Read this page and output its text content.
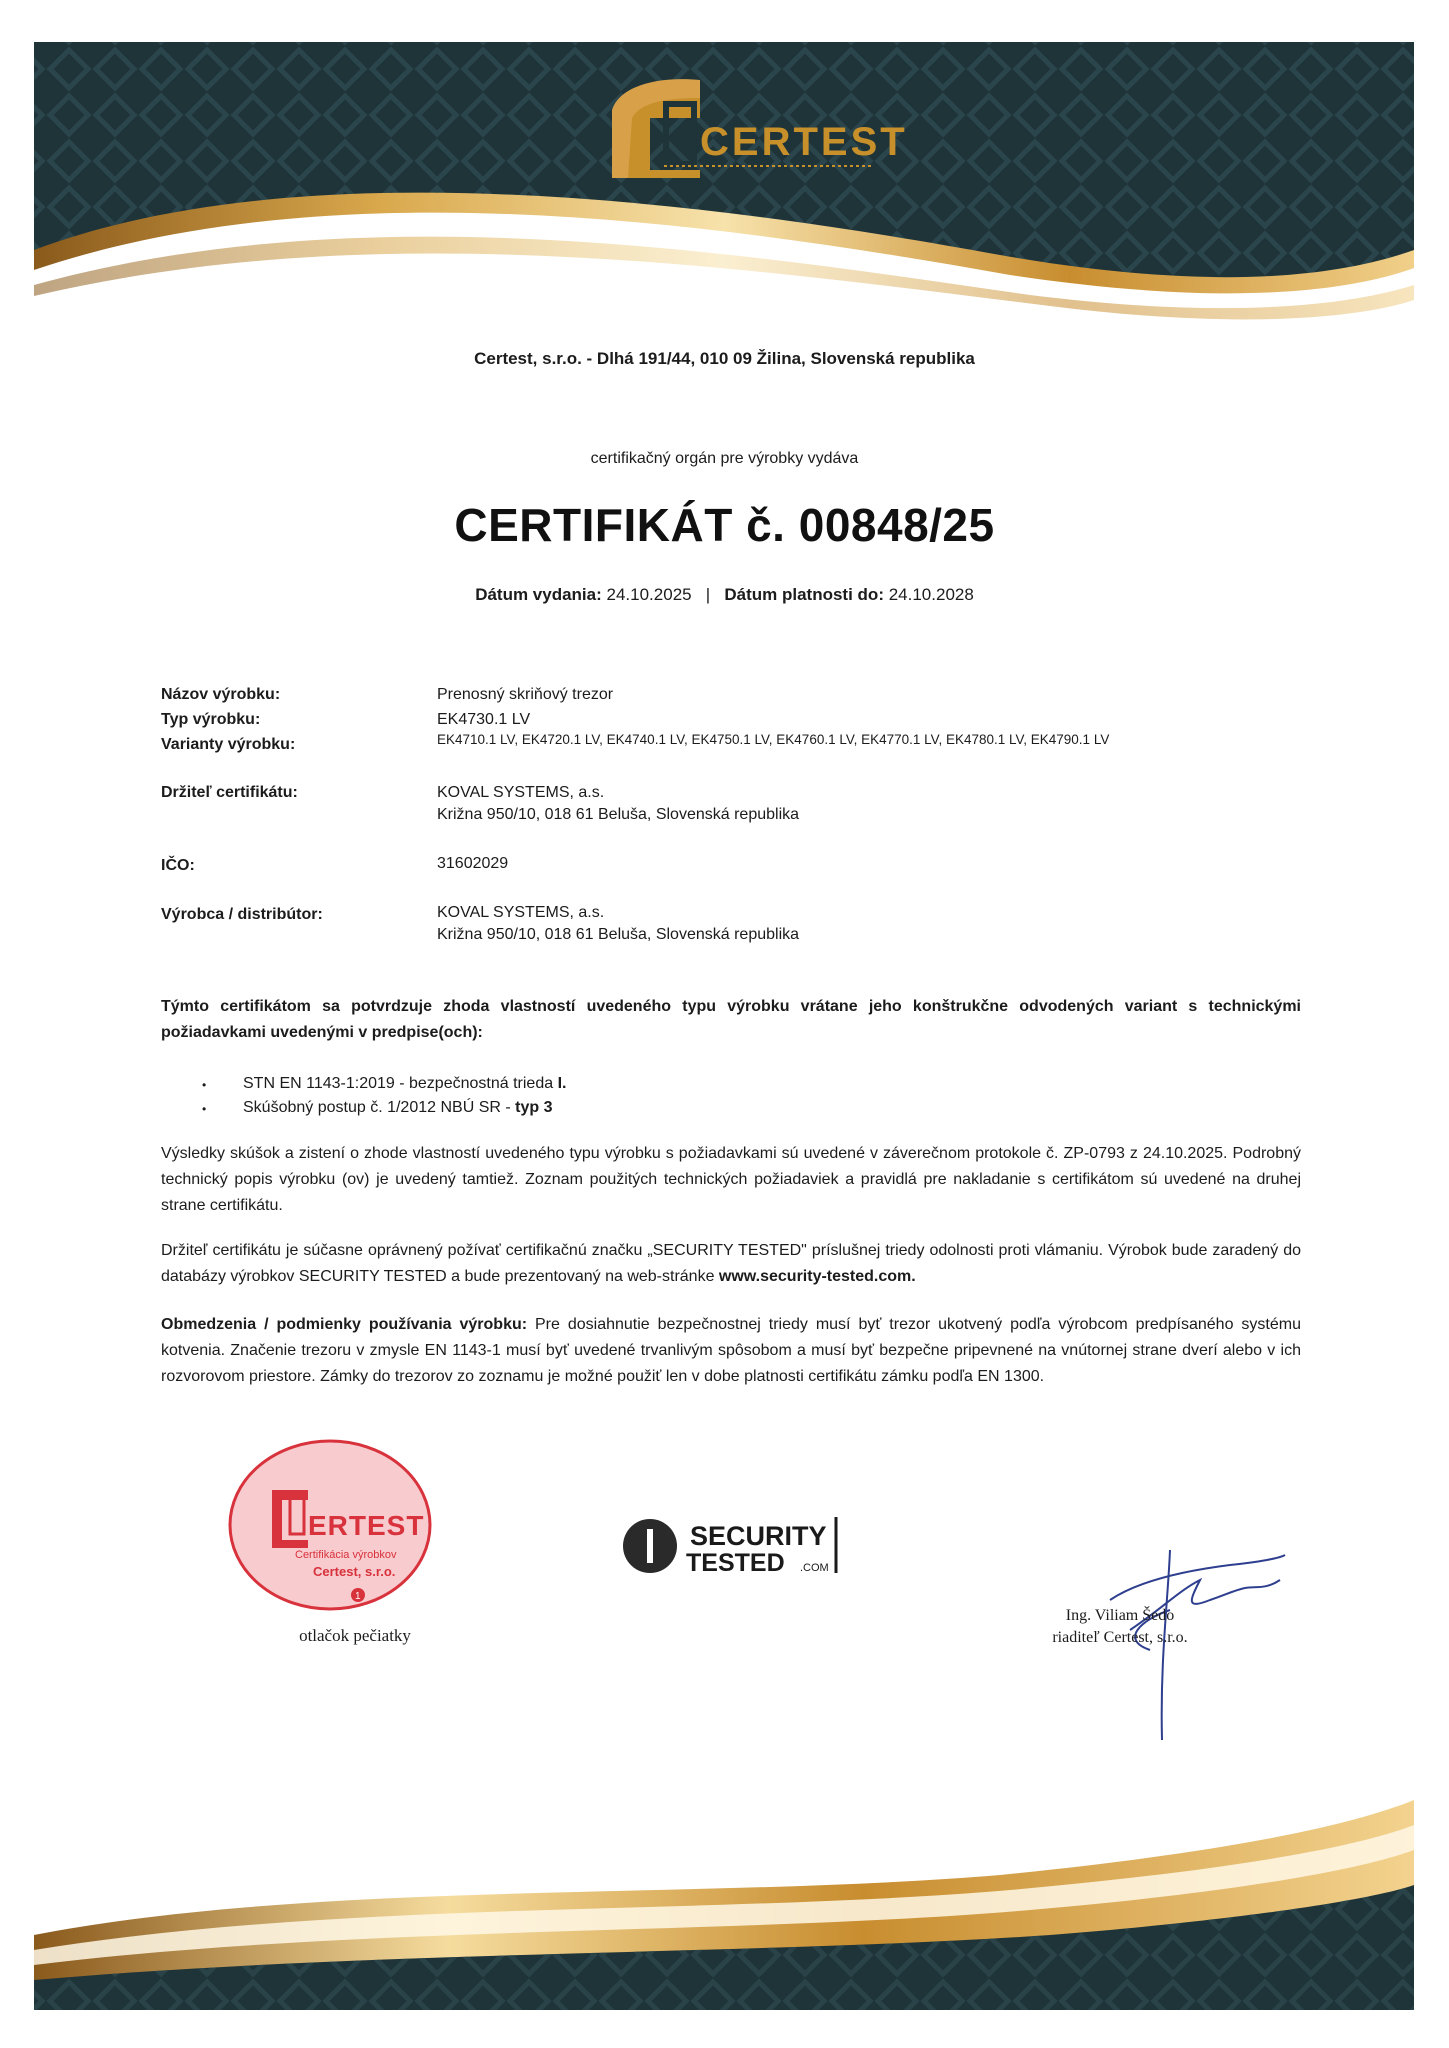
CERTEST
Certest, s.r.o. - Dlhá 191/44, 010 09 Žilina, Slovenská republika
certifikačný orgán pre výrobky vydáva
CERTIFIKÁT č. 00848/25
Dátum vydania: 24.10.2025 | Dátum platnosti do: 24.10.2028
Názov výrobku:	Prenosný skriňový trezor
Typ výrobku:	EK4730.1 LV
Varianty výrobku:	EK4710.1 LV, EK4720.1 LV, EK4740.1 LV, EK4750.1 LV, EK4760.1 LV, EK4770.1 LV, EK4780.1 LV, EK4790.1 LV
Držiteľ certifikátu:	KOVAL SYSTEMS, a.s.
Križna 950/10, 018 61 Beluša, Slovenská republika
IČO:	31602029
Výrobca / distribútor:	KOVAL SYSTEMS, a.s.
Križna 950/10, 018 61 Beluša, Slovenská republika
Týmto certifikátom sa potvrdzuje zhoda vlastností uvedeného typu výrobku vrátane jeho konštrukčne odvodených variant s technickými požiadavkami uvedenými v predpise(och):
• STN EN 1143-1:2019 - bezpečnostná trieda I.
• Skúšobný postup č. 1/2012 NBÚ SR - typ 3
Výsledky skúšok a zistení o zhode vlastností uvedeného typu výrobku s požiadavkami sú uvedené v záverečnom protokole č. ZP-0793 z 24.10.2025. Podrobný technický popis výrobku (ov) je uvedený tamtiež. Zoznam použitých technických požiadaviek a pravidlá pre nakladanie s certifikátom sú uvedené na druhej strane certifikátu.
Držiteľ certifikátu je súčasne oprávnený požívať certifikačnú značku „SECURITY TESTED" príslušnej triedy odolnosti proti vlámaniu. Výrobok bude zaradený do databázy výrobkov SECURITY TESTED a bude prezentovaný na web-stránke www.security-tested.com.
Obmedzenia / podmienky používania výrobku: Pre dosiahnutie bezpečnostnej triedy musí byť trezor ukotvený podľa výrobcom predpísaného systému kotvenia. Značenie trezoru v zmysle EN 1143-1 musí byť uvedené trvanlivým spôsobom a musí byť bezpečne pripevnené na vnútornej strane dverí alebo v ich rozvorovom priestore. Zámky do trezorov zo zoznamu je možné použiť len v dobe platnosti certifikátu zámku podľa EN 1300.
ERTEST
Certifikácia výrobkov
Certest, s.r.o.
1
otlačok pečiatky
SECURITY
TESTED .COM
Ing. Viliam Šedo
riaditeľ Certest, s.r.o.
